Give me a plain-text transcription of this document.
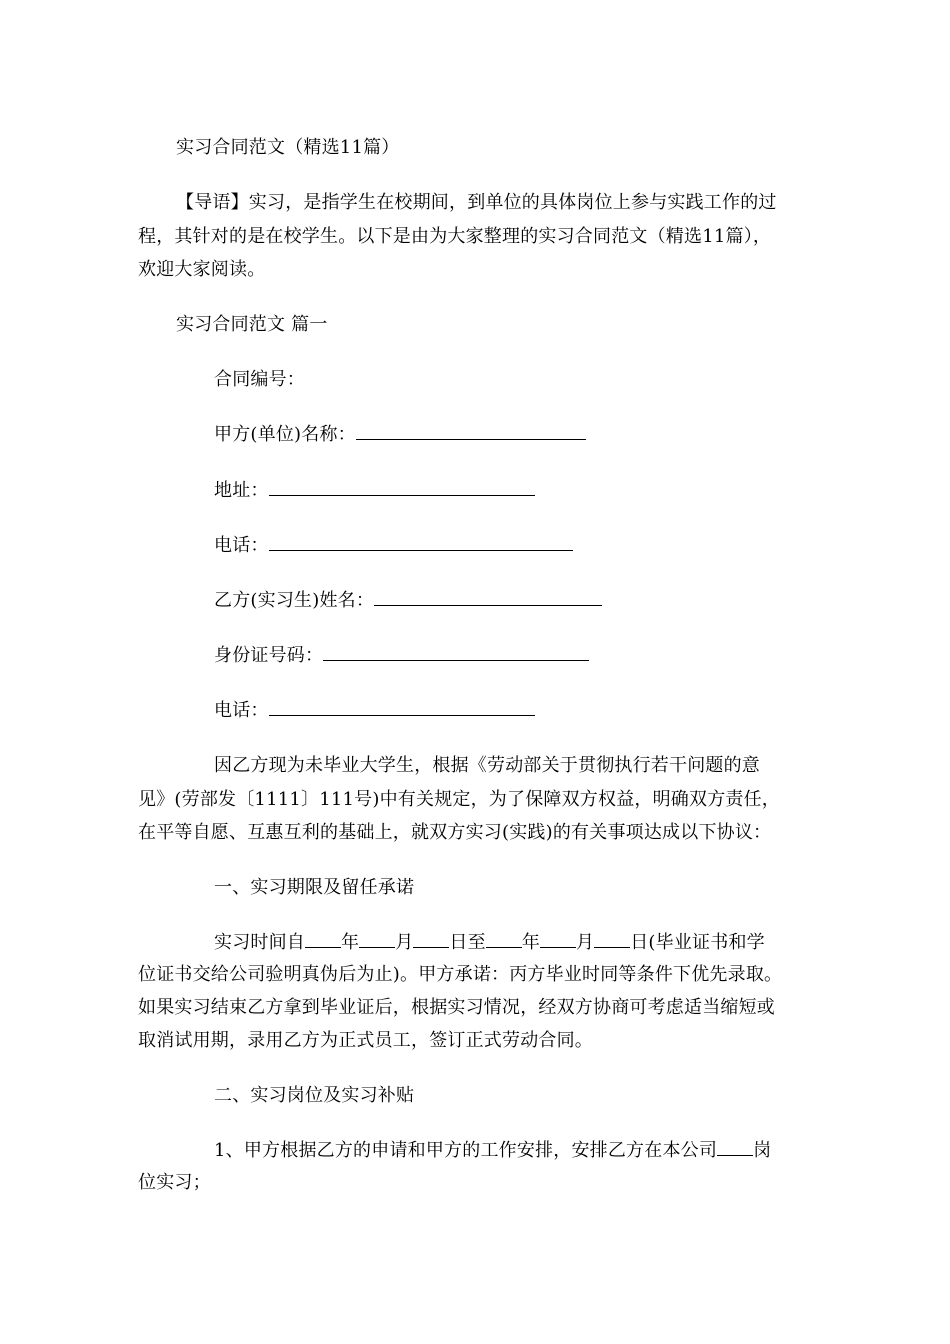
实习合同范文（精选11篇）
【导语】实习，是指学生在校期间，到单位的具体岗位上参与实践工作的过
程，其针对的是在校学生。以下是由为大家整理的实习合同范文（精选11篇），
欢迎大家阅读。
实习合同范文 篇一
合同编号：
甲方(单位)名称：
地址：
电话：
乙方(实习生)姓名：
身份证号码：
电话：
因乙方现为未毕业大学生，根据《劳动部关于贯彻执行若干问题的意
见》(劳部发〔1111〕111号)中有关规定，为了保障双方权益，明确双方责任，
在平等自愿、互惠互利的基础上，就双方实习(实践)的有关事项达成以下协议：
一、实习期限及留任承诺
实习时间自 年 月 日至 年 月 日(毕业证书和学
位证书交给公司验明真伪后为止)。甲方承诺：丙方毕业时同等条件下优先录取。
如果实习结束乙方拿到毕业证后，根据实习情况，经双方协商可考虑适当缩短或
取消试用期，录用乙方为正式员工，签订正式劳动合同。
二、实习岗位及实习补贴
1、甲方根据乙方的申请和甲方的工作安排，安排乙方在本公司 岗
位实习；
